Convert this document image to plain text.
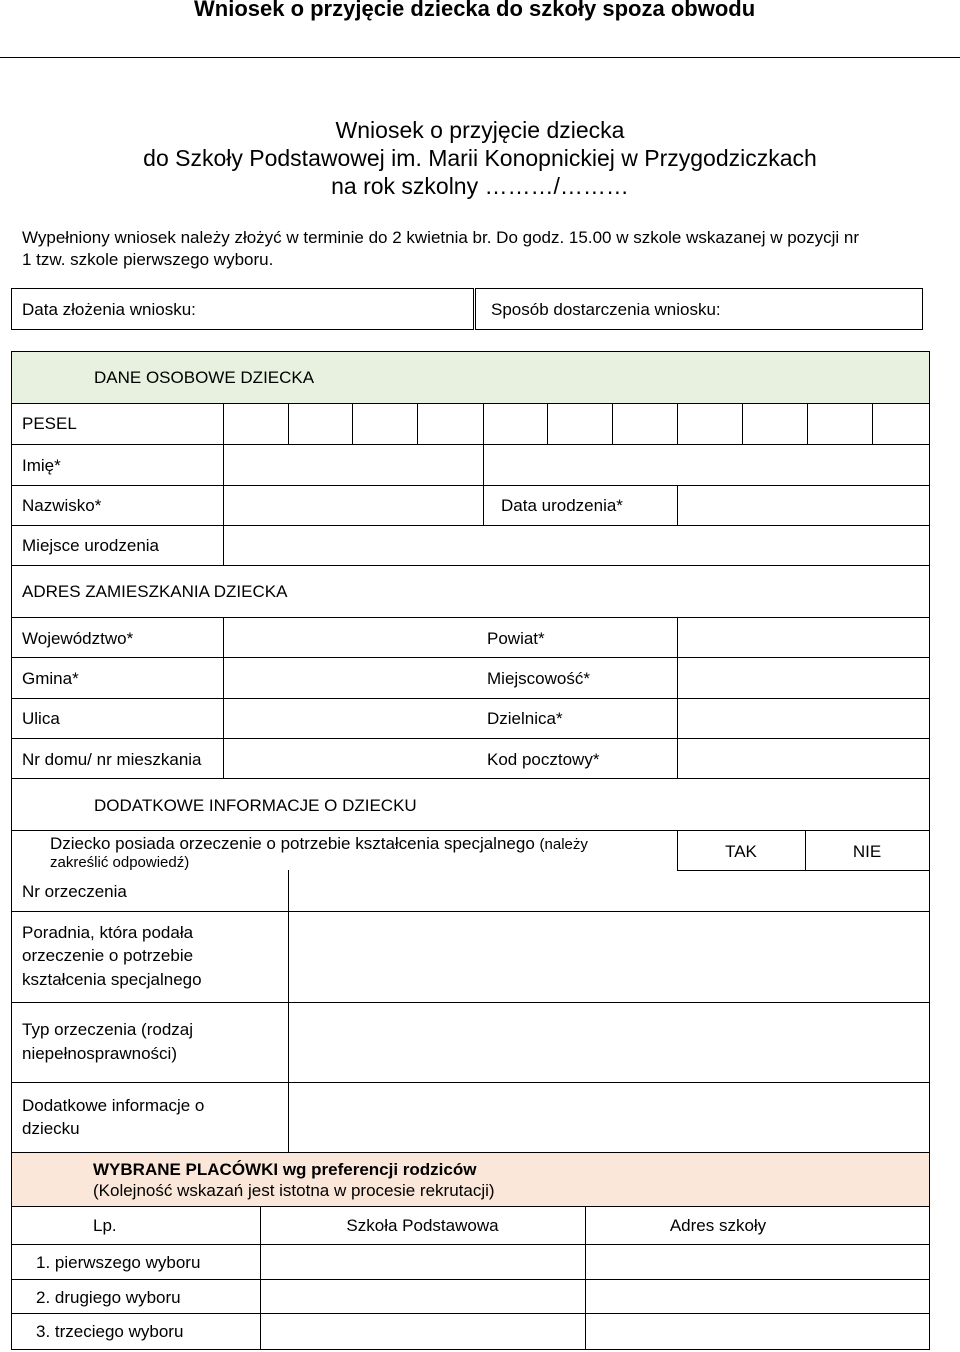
Wniosek o przyjęcie dziecka do szkoły spoza obwodu
Wniosek o przyjęcie dziecka
do Szkoły Podstawowej im. Marii Konopnickiej w Przygodziczkach
na rok szkolny ………/………
Wypełniony wniosek należy złożyć w terminie do 2 kwietnia br. Do godz. 15.00 w szkole wskazanej w pozycji nr
1 tzw. szkole pierwszego wyboru.
Data złożenia wniosku:	Sposób dostarczenia wniosku:
DANE OSOBOWE DZIECKA
PESEL
Imię*
Nazwisko*	Data urodzenia*
Miejsce urodzenia
ADRES ZAMIESZKANIA DZIECKA
Województwo*	Powiat*
Gmina*	Miejscowość*
Ulica	Dzielnica*
Nr domu/ nr mieszkania	Kod pocztowy*
DODATKOWE INFORMACJE O DZIECKU
Dziecko posiada orzeczenie o potrzebie kształcenia specjalnego (należy
zakreślić odpowiedź)
TAK	NIE
Nr orzeczenia
Poradnia, która podała
orzeczenie o potrzebie
kształcenia specjalnego
Typ orzeczenia (rodzaj
niepełnosprawności)
Dodatkowe informacje o
dziecku
WYBRANE PLACÓWKI wg preferencji rodziców
(Kolejność wskazań jest istotna w procesie rekrutacji)
Lp.	Szkoła Podstawowa	Adres szkoły
1. pierwszego wyboru
2. drugiego wyboru
3. trzeciego wyboru
